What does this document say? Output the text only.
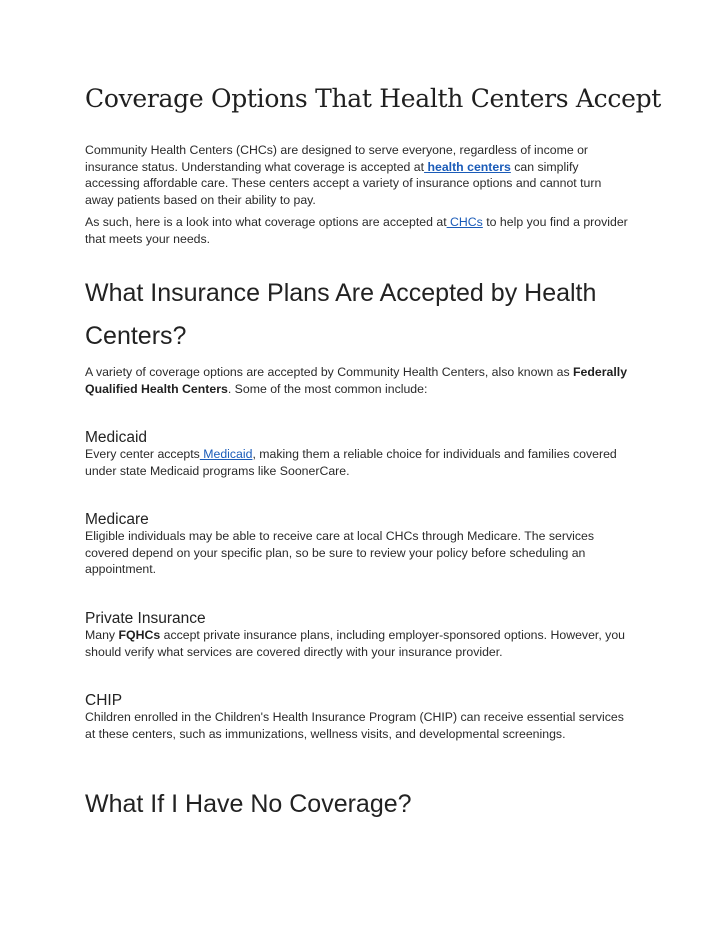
Coverage Options That Health Centers Accept

Community Health Centers (CHCs) are designed to serve everyone, regardless of income or insurance status. Understanding what coverage is accepted at health centers can simplify accessing affordable care. These centers accept a variety of insurance options and cannot turn away patients based on their ability to pay.

As such, here is a look into what coverage options are accepted at CHCs to help you find a provider that meets your needs.

What Insurance Plans Are Accepted by Health Centers?

A variety of coverage options are accepted by Community Health Centers, also known as Federally Qualified Health Centers. Some of the most common include:

Medicaid

Every center accepts Medicaid, making them a reliable choice for individuals and families covered under state Medicaid programs like SoonerCare.

Medicare

Eligible individuals may be able to receive care at local CHCs through Medicare. The services covered depend on your specific plan, so be sure to review your policy before scheduling an appointment.

Private Insurance

Many FQHCs accept private insurance plans, including employer-sponsored options. However, you should verify what services are covered directly with your insurance provider.

CHIP

Children enrolled in the Children's Health Insurance Program (CHIP) can receive essential services at these centers, such as immunizations, wellness visits, and developmental screenings.

What If I Have No Coverage?
